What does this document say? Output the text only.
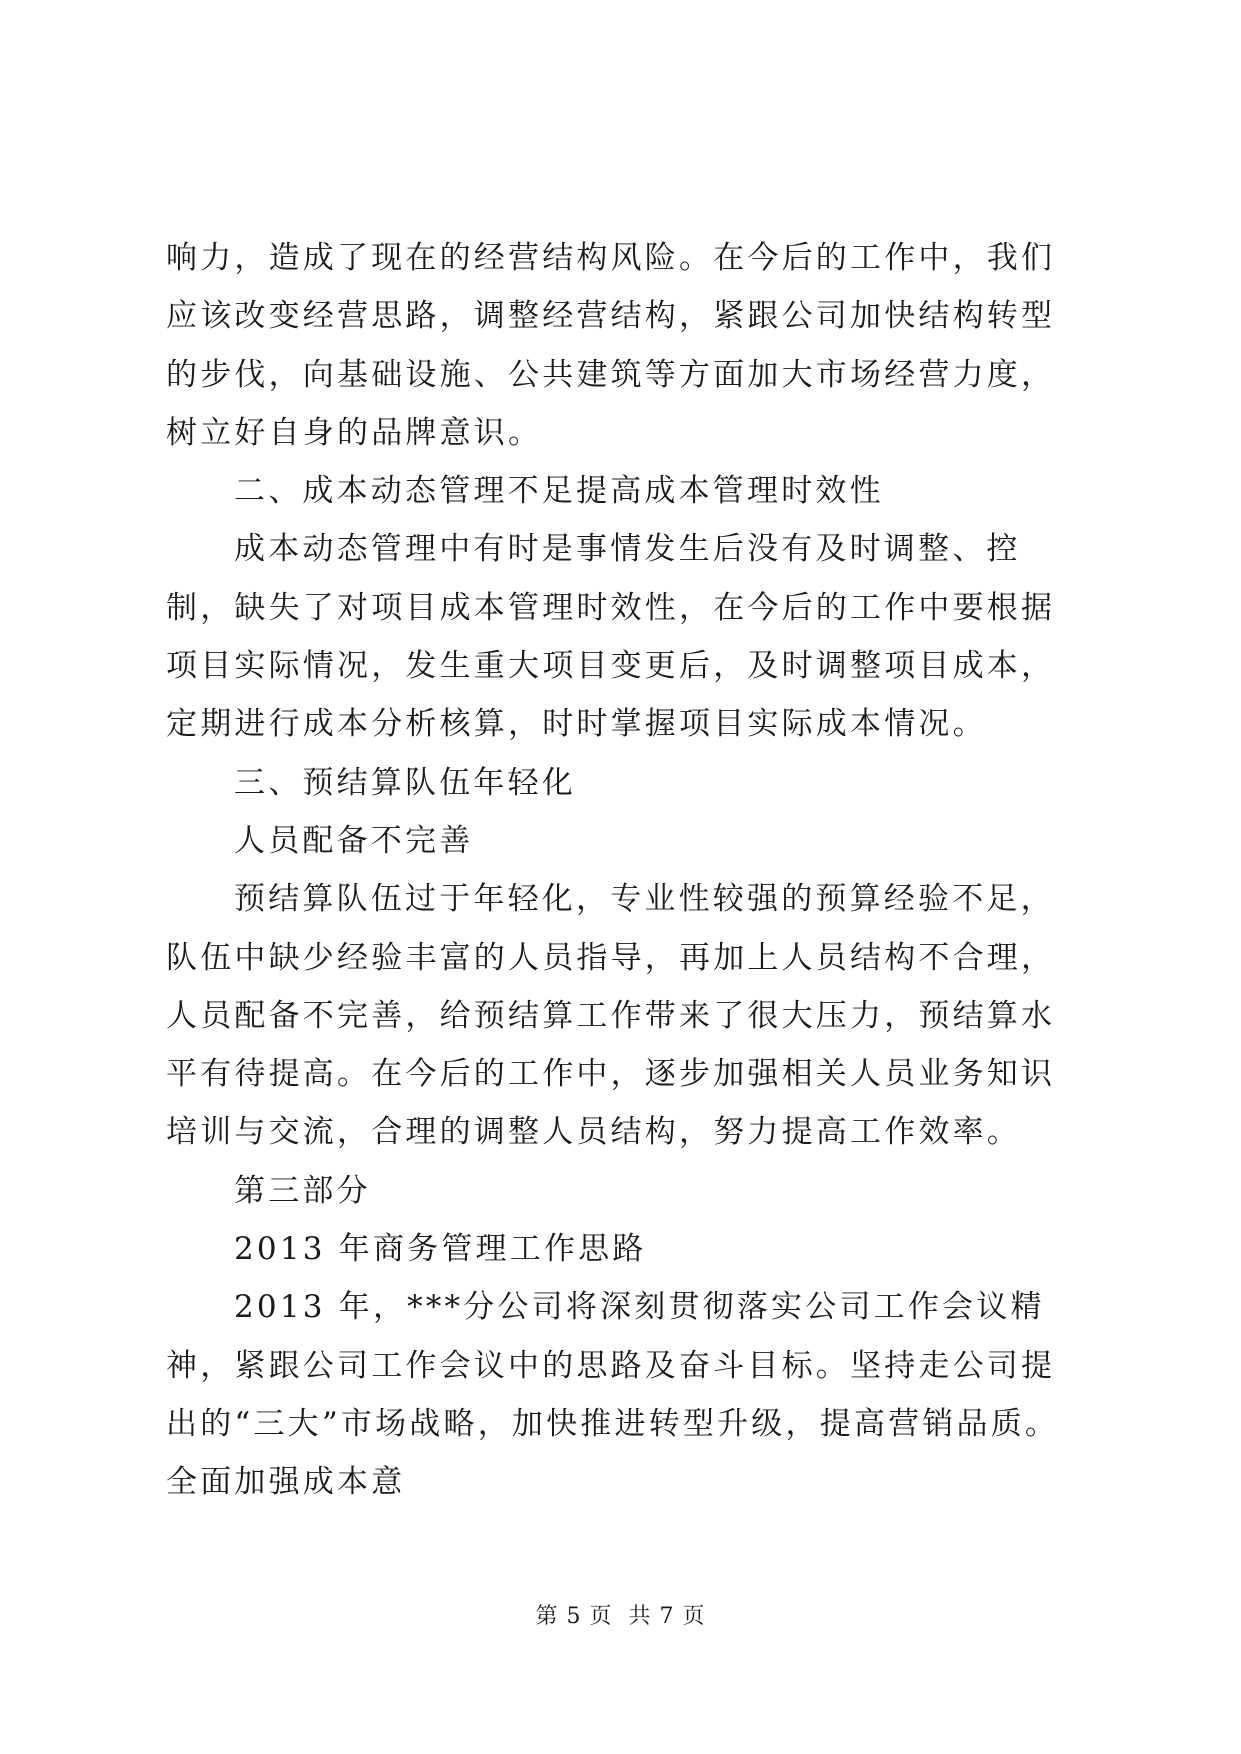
响力，造成了现在的经营结构风险。在今后的工作中，我们应该改变经营思路，调整经营结构，紧跟公司加快结构转型的步伐，向基础设施、公共建筑等方面加大市场经营力度，树立好自身的品牌意识。

二、成本动态管理不足提高成本管理时效性

成本动态管理中有时是事情发生后没有及时调整、控制，缺失了对项目成本管理时效性，在今后的工作中要根据项目实际情况，发生重大项目变更后，及时调整项目成本，定期进行成本分析核算，时时掌握项目实际成本情况。

三、预结算队伍年轻化

人员配备不完善

预结算队伍过于年轻化，专业性较强的预算经验不足，队伍中缺少经验丰富的人员指导，再加上人员结构不合理，人员配备不完善，给预结算工作带来了很大压力，预结算水平有待提高。在今后的工作中，逐步加强相关人员业务知识培训与交流，合理的调整人员结构，努力提高工作效率。

第三部分

2013 年商务管理工作思路

2013 年，***分公司将深刻贯彻落实公司工作会议精神，紧跟公司工作会议中的思路及奋斗目标。坚持走公司提出的“三大”市场战略，加快推进转型升级，提高营销品质。全面加强成本意

第 5 页 共 7 页
